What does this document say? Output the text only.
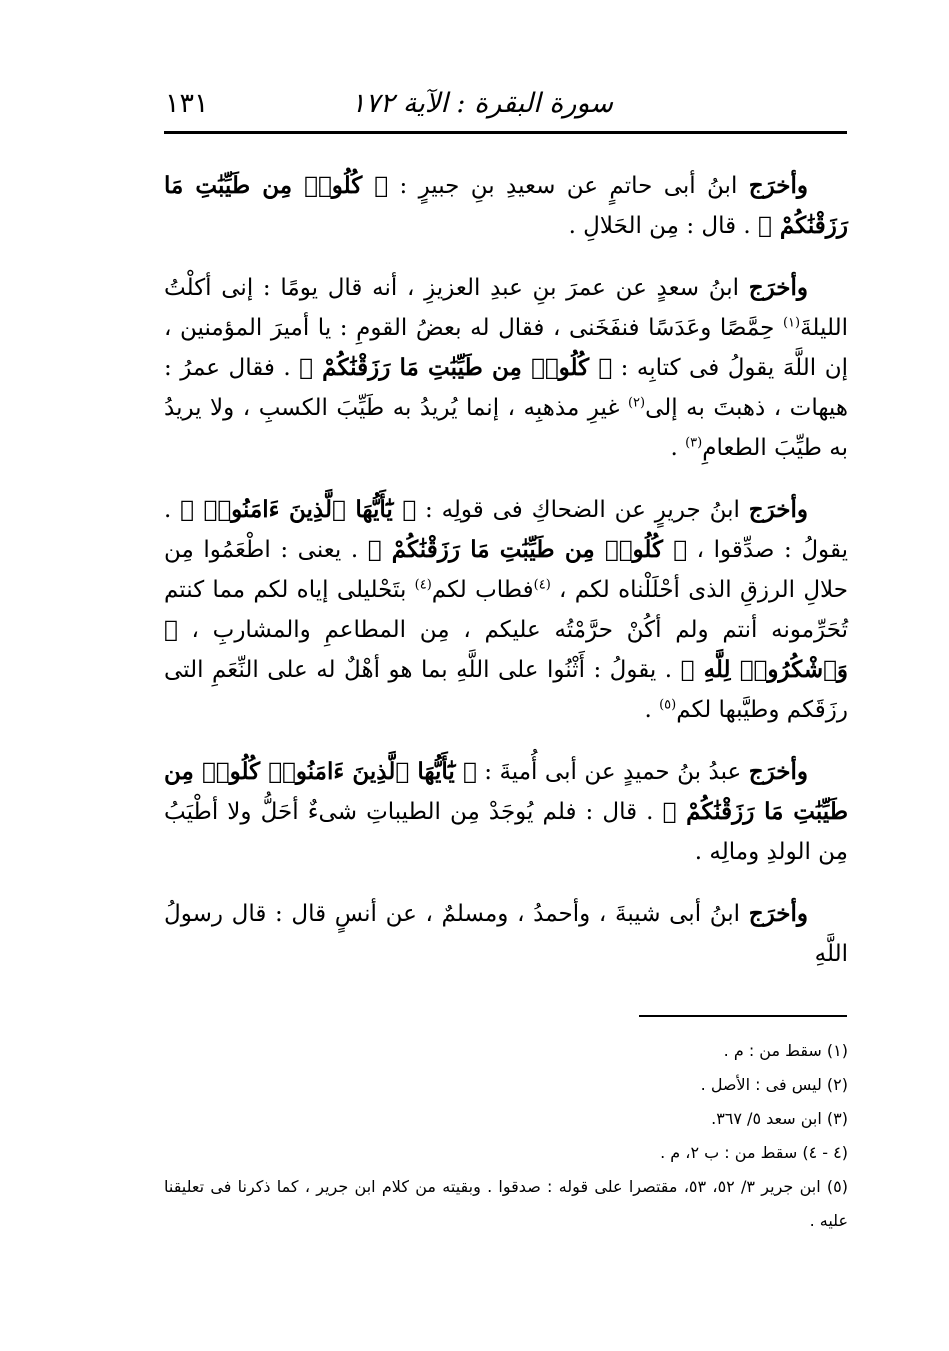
١٣١	سورة البقرة : الآية ١٧٢

وأخرَج ابنُ أبى حاتمٍ عن سعيدِ بنِ جبيرٍ : ﴿ كُلُوا۟ مِن طَيِّبَٰتِ مَا رَزَقْنَٰكُمْ ﴾ . قال : مِن الحَلالِ .

وأخرَج ابنُ سعدٍ عن عمرَ بنِ عبدِ العزيزِ ، أنه قال يومًا : إنى أكلْتُ الليلةَ$^{(١)}$ حِمَّصًا وعَدَسًا فنفَخَنى ، فقال له بعضُ القومِ : يا أميرَ المؤمنين ، إن اللَّهَ يقولُ فى كتابِه : ﴿ كُلُوا۟ مِن طَيِّبَٰتِ مَا رَزَقْنَٰكُمْ ﴾ . فقال عمرُ : هيهات ، ذهبتَ به إلى$^{(٢)}$ غيرِ مذهبِه ، إنما يُريدُ به طَيِّبَ الكسبِ ، ولا يريدُ به طيِّبَ الطعامِ$^{(٣)}$ .

وأخرَج ابنُ جريرٍ عن الضحاكِ فى قولِه : ﴿ يَٰٓأَيُّهَا ٱلَّذِينَ ءَامَنُوا۟ ﴾ . يقولُ : صدِّقوا ، ﴿ كُلُوا۟ مِن طَيِّبَٰتِ مَا رَزَقْنَٰكُمْ ﴾ . يعنى : اطْعَمُوا مِن حلالِ الرزقِ الذى أحْلَلْناه لكم ، $^{(٤)}$فطاب لكم$^{(٤)}$ بتَحْليلى إياه لكم مما كنتم تُحَرِّمونه أنتم ولم أكُنْ حرَّمْتُه عليكم ، مِن المطاعمِ والمشاربِ ، ﴿ وَٱشْكُرُوا۟ لِلَّهِ ﴾ . يقولُ : أَثْنُوا على اللَّهِ بما هو أهْلٌ له على النِّعَمِ التى رزَقَكم وطيَّبها لكم$^{(٥)}$ .

وأخرَج عبدُ بنُ حميدٍ عن أبى أُميةَ : ﴿ يَٰٓأَيُّهَا ٱلَّذِينَ ءَامَنُوا۟ كُلُوا۟ مِن طَيِّبَٰتِ مَا رَزَقْنَٰكُمْ ﴾ . قال : فلم يُوجَدْ مِن الطيباتِ شىءٌ أحَلُّ ولا أطْيَبُ مِن الولدِ ومالِه .

وأخرَج ابنُ أبى شيبةَ ، وأحمدُ ، ومسلمٌ ، عن أنسٍ قال : قال رسولُ اللَّهِ

(١) سقط من : م .

(٢) ليس فى : الأصل .

(٣) ابن سعد ٥/ ٣٦٧.

(٤ - ٤) سقط من : ب ٢، م .

(٥) ابن جرير ٣/ ٥٢، ٥٣، مقتصرا على قوله : صدقوا . وبقيته من كلام ابن جرير ، كما ذكرنا فى تعليقنا عليه .
